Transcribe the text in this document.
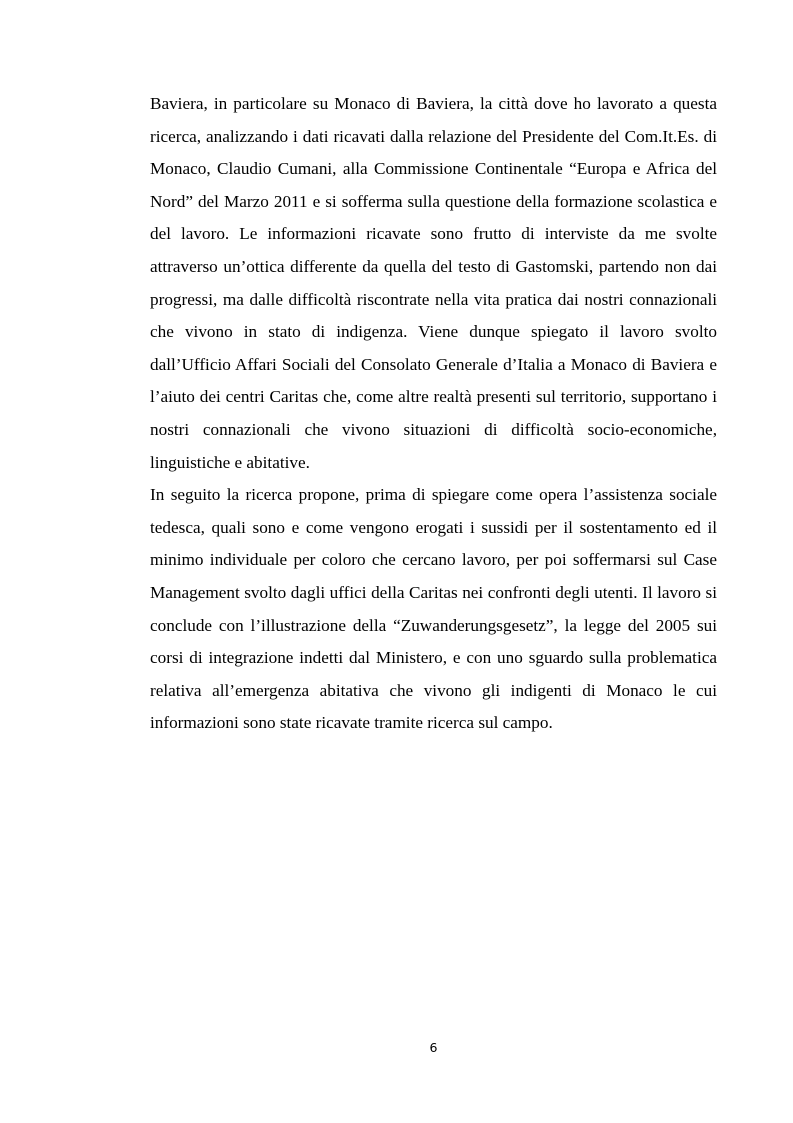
Baviera, in particolare su Monaco di Baviera, la città dove ho lavorato a questa ricerca, analizzando i dati ricavati dalla relazione del Presidente del Com.It.Es. di Monaco, Claudio Cumani, alla Commissione Continentale “Europa e Africa del Nord” del Marzo 2011 e si sofferma sulla questione della formazione scolastica e del lavoro. Le informazioni ricavate sono frutto di interviste da me svolte attraverso un’ottica differente da quella del testo di Gastomski, partendo non dai progressi, ma dalle difficoltà riscontrate nella vita pratica dai nostri connazionali che vivono in stato di indigenza. Viene dunque spiegato il lavoro svolto dall’Ufficio Affari Sociali del Consolato Generale d’Italia a Monaco di Baviera e l’aiuto dei centri Caritas che, come altre realtà presenti sul territorio, supportano i nostri connazionali che vivono situazioni di difficoltà socio-economiche, linguistiche e abitative.

In seguito la ricerca propone, prima di spiegare come opera l’assistenza sociale tedesca, quali sono e come vengono erogati i sussidi per il sostentamento ed il minimo individuale per coloro che cercano lavoro, per poi soffermarsi sul Case Management svolto dagli uffici della Caritas nei confronti degli utenti. Il lavoro si conclude con l’illustrazione della “Zuwanderungsgesetz”, la legge del 2005 sui corsi di integrazione indetti dal Ministero, e con uno sguardo sulla problematica relativa all’emergenza abitativa che vivono gli indigenti di Monaco le cui informazioni sono state ricavate tramite ricerca sul campo.

6
